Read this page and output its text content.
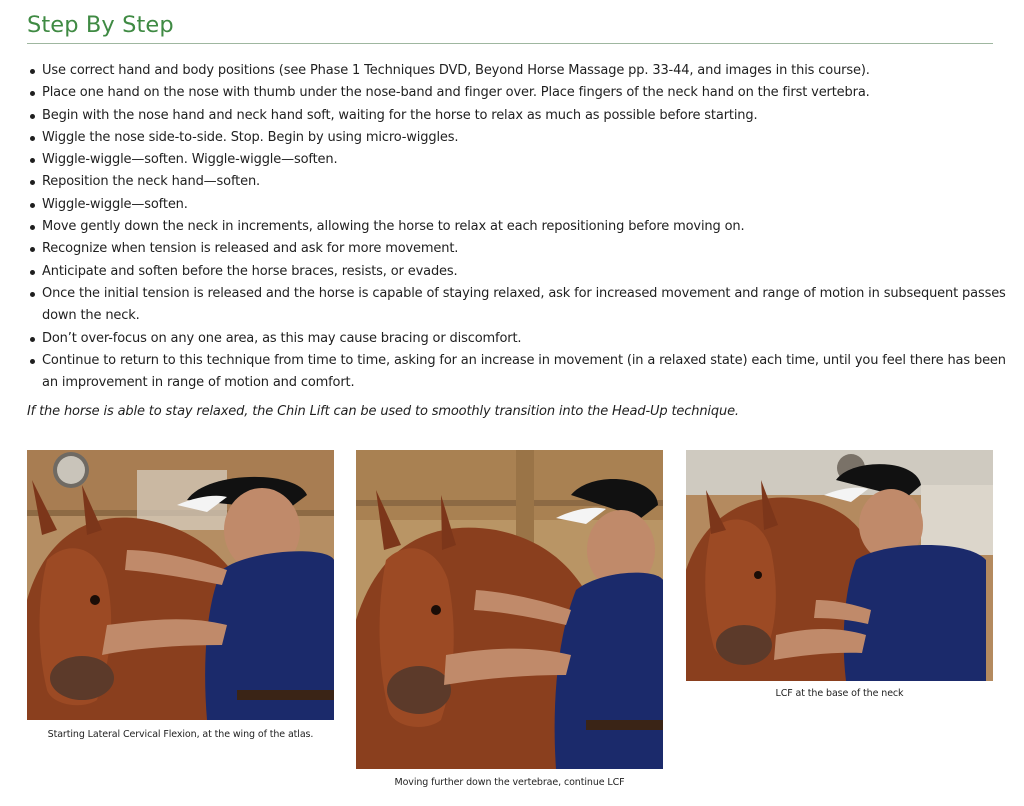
Step By Step
Use correct hand and body positions (see Phase 1 Techniques DVD, Beyond Horse Massage pp. 33-44, and images in this course).
Place one hand on the nose with thumb under the nose-band and finger over. Place fingers of the neck hand on the first vertebra.
Begin with the nose hand and neck hand soft, waiting for the horse to relax as much as possible before starting.
Wiggle the nose side-to-side. Stop. Begin by using micro-wiggles.
Wiggle-wiggle—soften. Wiggle-wiggle—soften.
Reposition the neck hand—soften.
Wiggle-wiggle—soften.
Move gently down the neck in increments, allowing the horse to relax at each repositioning before moving on.
Recognize when tension is released and ask for more movement.
Anticipate and soften before the horse braces, resists, or evades.
Once the initial tension is released and the horse is capable of staying relaxed, ask for increased movement and range of motion in subsequent passes down the neck.
Don’t over-focus on any one area, as this may cause bracing or discomfort.
Continue to return to this technique from time to time, asking for an increase in movement (in a relaxed state) each time, until you feel there has been an improvement in range of motion and comfort.

If the horse is able to stay relaxed, the Chin Lift can be used to smoothly transition into the Head-Up technique.

Starting Lateral Cervical Flexion, at the wing of the atlas.
Moving further down the vertebrae, continue LCF
LCF at the base of the neck
